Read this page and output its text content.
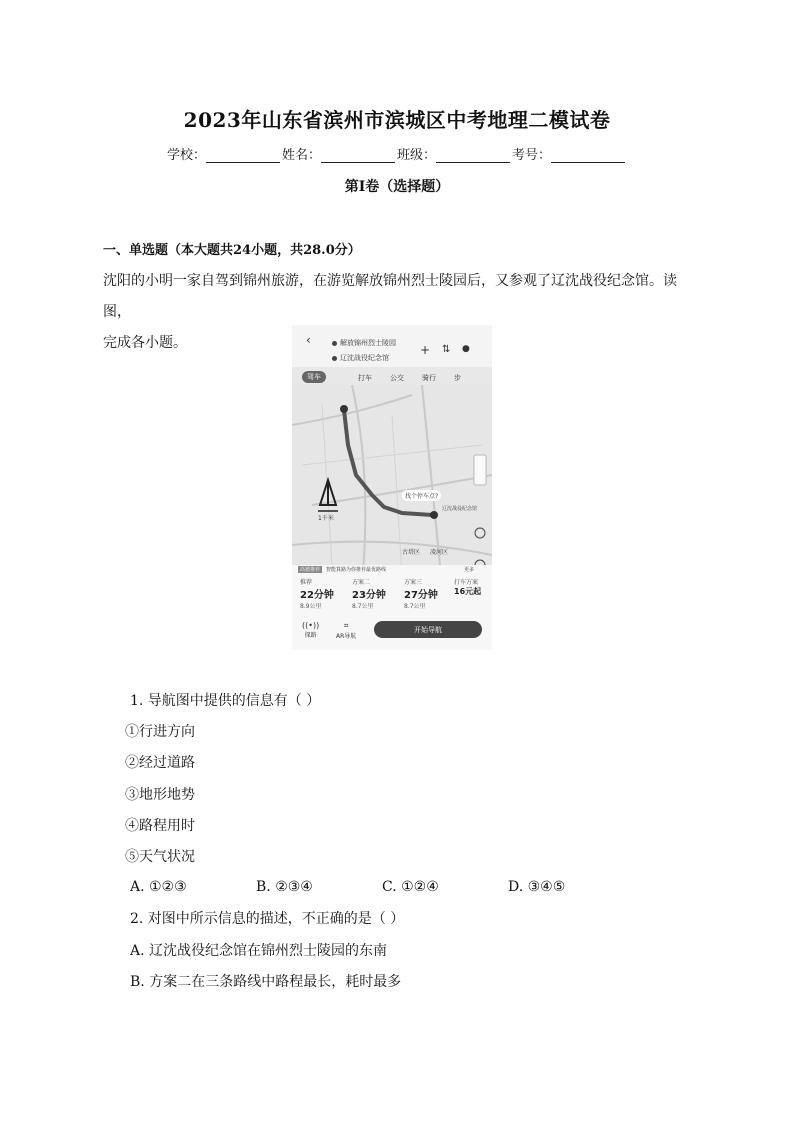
2023年山东省滨州市滨城区中考地理二模试卷
学校：	姓名：	班级：	考号：
第I卷（选择题）
一、单选题（本大题共24小题，共28.0分）
沈阳的小明一家自驾到锦州旅游，在游览解放锦州烈士陵园后，又参观了辽沈战役纪念馆。读图，
完成各小题。	‹	解放锦州烈士陵园
辽沈战役纪念馆
+ ⇅ ●
驾车	打车	公交	骑行	步
1千米
找个停车点?
辽沈战役纪念馆
古塔区 凌河区
高德推荐	智能算路为你推荐最优路线	更多
推荐
22分钟
8.9公里
方案二
23分钟
8.7公里
方案三
27分钟
8.7公里
打车方案
16元起
((•))
探路
⌗
AR导航
开始导航
1. 导航图中提供的信息有（ ）
①行进方向
②经过道路
③地形地势
④路程用时
⑤天气状况
A. ①②③	B. ②③④	C. ①②④	D. ③④⑤
2. 对图中所示信息的描述，不正确的是（ ）
A. 辽沈战役纪念馆在锦州烈士陵园的东南
B. 方案二在三条路线中路程最长，耗时最多
